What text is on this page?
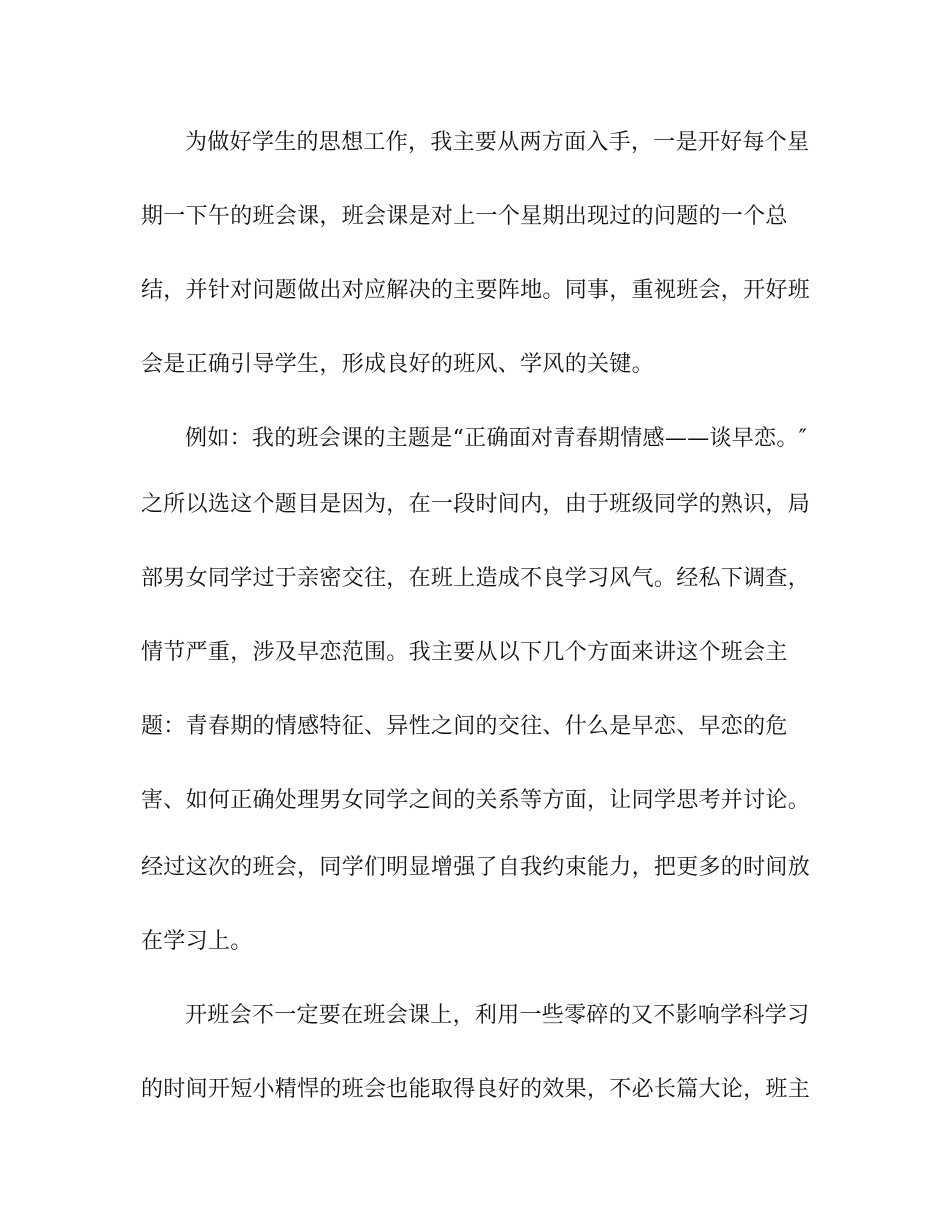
为做好学生的思想工作，我主要从两方面入手，一是开好每个星
期一下午的班会课，班会课是对上一个星期出现过的问题的一个总
结，并针对问题做出对应解决的主要阵地。同事，重视班会，开好班
会是正确引导学生，形成良好的班风、学风的关键。
例如：我的班会课的主题是“正确面对青春期情感——谈早恋。″
之所以选这个题目是因为，在一段时间内，由于班级同学的熟识，局
部男女同学过于亲密交往，在班上造成不良学习风气。经私下调查，
情节严重，涉及早恋范围。我主要从以下几个方面来讲这个班会主
题：青春期的情感特征、异性之间的交往、什么是早恋、早恋的危
害、如何正确处理男女同学之间的关系等方面，让同学思考并讨论。
经过这次的班会，同学们明显增强了自我约束能力，把更多的时间放
在学习上。
开班会不一定要在班会课上，利用一些零碎的又不影响学科学习
的时间开短小精悍的班会也能取得良好的效果，不必长篇大论，班主
